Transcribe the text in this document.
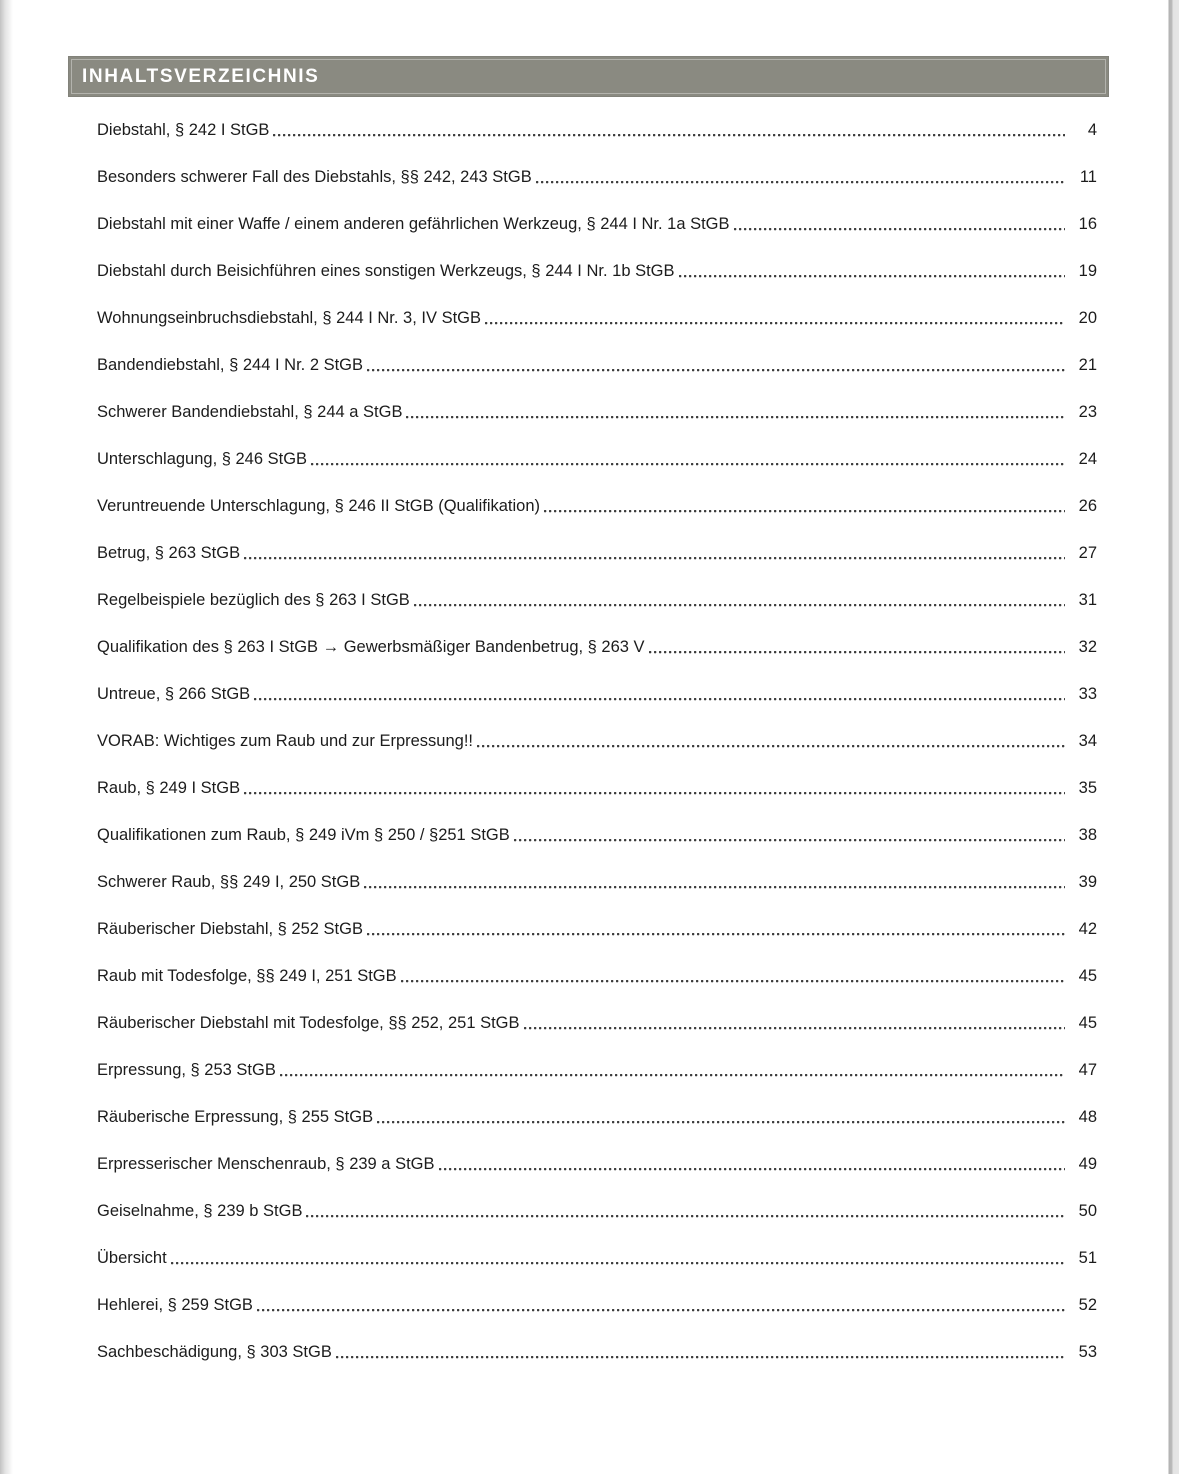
INHALTSVERZEICHNIS
Diebstahl, § 242 I StGB	4
Besonders schwerer Fall des Diebstahls, §§ 242, 243 StGB	11
Diebstahl mit einer Waffe / einem anderen gefährlichen Werkzeug, § 244 I Nr. 1a StGB	16
Diebstahl durch Beisichführen eines sonstigen Werkzeugs, § 244 I Nr. 1b StGB	19
Wohnungseinbruchsdiebstahl, § 244 I Nr. 3, IV StGB	20
Bandendiebstahl, § 244 I Nr. 2 StGB	21
Schwerer Bandendiebstahl, § 244 a StGB	23
Unterschlagung, § 246 StGB	24
Veruntreuende Unterschlagung, § 246 II StGB (Qualifikation)	26
Betrug, § 263 StGB	27
Regelbeispiele bezüglich des § 263 I StGB	31
Qualifikation des § 263 I StGB → Gewerbsmäßiger Bandenbetrug, § 263 V	32
Untreue, § 266 StGB	33
VORAB: Wichtiges zum Raub und zur Erpressung!!	34
Raub, § 249 I StGB	35
Qualifikationen zum Raub, § 249 iVm § 250 / §251 StGB	38
Schwerer Raub, §§ 249 I, 250 StGB	39
Räuberischer Diebstahl, § 252 StGB	42
Raub mit Todesfolge, §§ 249 I, 251 StGB	45
Räuberischer Diebstahl mit Todesfolge, §§ 252, 251 StGB	45
Erpressung, § 253 StGB	47
Räuberische Erpressung, § 255 StGB	48
Erpresserischer Menschenraub, § 239 a StGB	49
Geiselnahme, § 239 b StGB	50
Übersicht	51
Hehlerei, § 259 StGB	52
Sachbeschädigung, § 303 StGB	53
